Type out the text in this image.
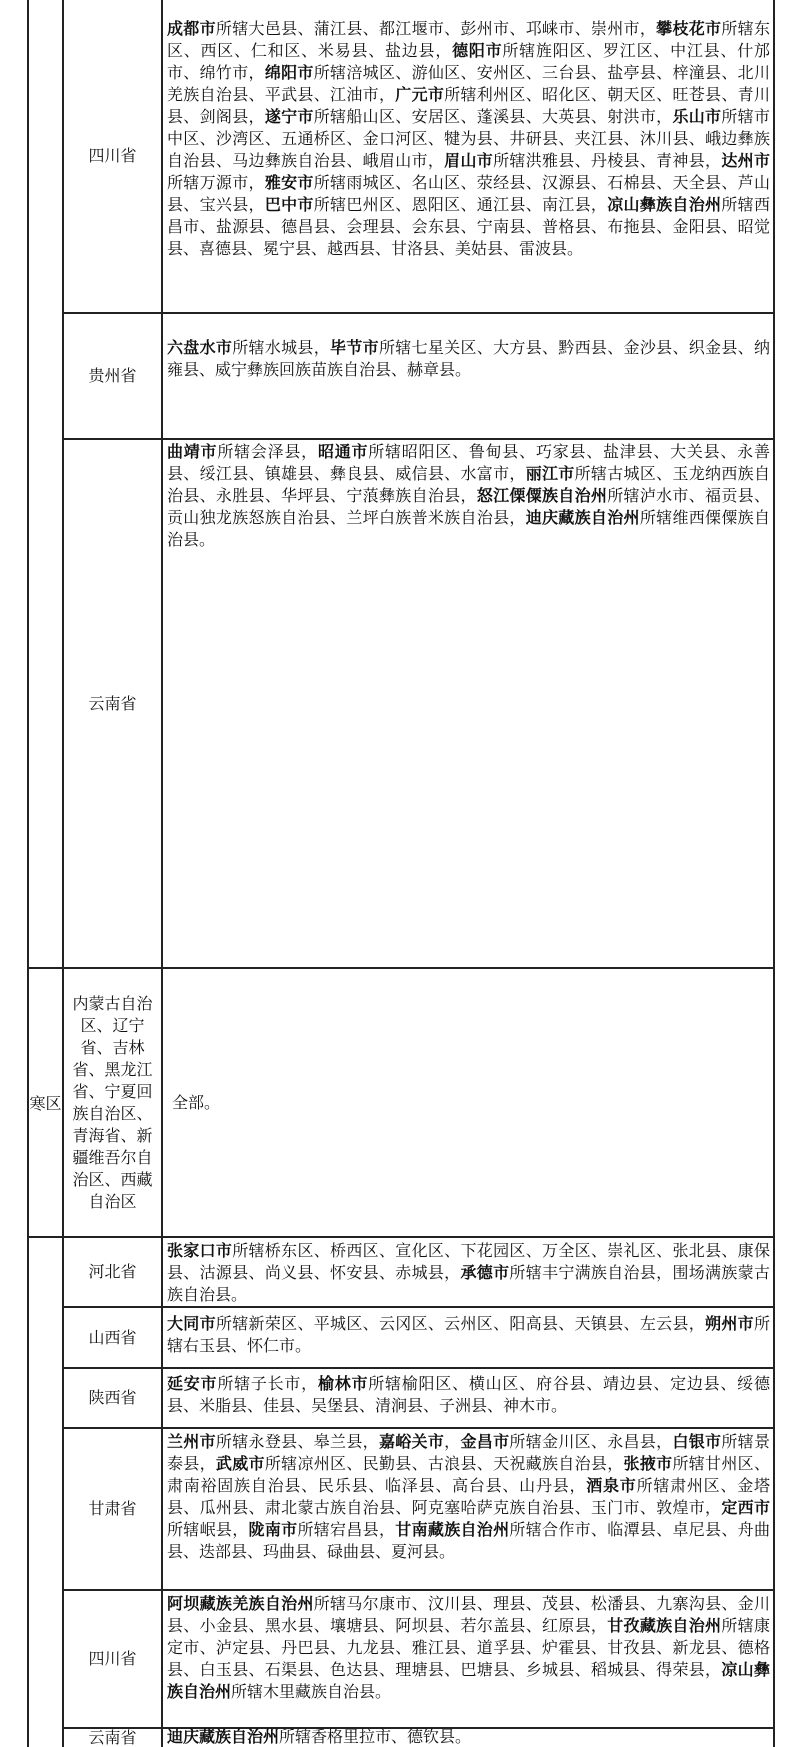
四川省
成都市所辖大邑县、蒲江县、都江堰市、彭州市、邛崃市、崇州市，攀枝花市所辖东区、西区、仁和区、米易县、盐边县，德阳市所辖旌阳区、罗江区、中江县、什邡市、绵竹市，绵阳市所辖涪城区、游仙区、安州区、三台县、盐亭县、梓潼县、北川羌族自治县、平武县、江油市，广元市所辖利州区、昭化区、朝天区、旺苍县、青川县、剑阁县，遂宁市所辖船山区、安居区、蓬溪县、大英县、射洪市，乐山市所辖市中区、沙湾区、五通桥区、金口河区、犍为县、井研县、夹江县、沐川县、峨边彝族自治县、马边彝族自治县、峨眉山市，眉山市所辖洪雅县、丹棱县、青神县，达州市所辖万源市，雅安市所辖雨城区、名山区、荥经县、汉源县、石棉县、天全县、芦山县、宝兴县，巴中市所辖巴州区、恩阳区、通江县、南江县，凉山彝族自治州所辖西昌市、盐源县、德昌县、会理县、会东县、宁南县、普格县、布拖县、金阳县、昭觉县、喜德县、冕宁县、越西县、甘洛县、美姑县、雷波县。
贵州省
六盘水市所辖水城县，毕节市所辖七星关区、大方县、黔西县、金沙县、织金县、纳雍县、威宁彝族回族苗族自治县、赫章县。
云南省
曲靖市所辖会泽县，昭通市所辖昭阳区、鲁甸县、巧家县、盐津县、大关县、永善县、绥江县、镇雄县、彝良县、威信县、水富市，丽江市所辖古城区、玉龙纳西族自治县、永胜县、华坪县、宁蒗彝族自治县，怒江傈僳族自治州所辖泸水市、福贡县、贡山独龙族怒族自治县、兰坪白族普米族自治县，迪庆藏族自治州所辖维西傈僳族自治县。
寒区
内蒙古自治区、辽宁省、吉林省、黑龙江省、宁夏回族自治区、青海省、新疆维吾尔自治区、西藏自治区
全部。
河北省
张家口市所辖桥东区、桥西区、宣化区、下花园区、万全区、崇礼区、张北县、康保县、沽源县、尚义县、怀安县、赤城县，承德市所辖丰宁满族自治县，围场满族蒙古族自治县。
山西省
大同市所辖新荣区、平城区、云冈区、云州区、阳高县、天镇县、左云县，朔州市所辖右玉县、怀仁市。
陕西省
延安市所辖子长市，榆林市所辖榆阳区、横山区、府谷县、靖边县、定边县、绥德县、米脂县、佳县、吴堡县、清涧县、子洲县、神木市。
甘肃省
兰州市所辖永登县、皋兰县，嘉峪关市，金昌市所辖金川区、永昌县，白银市所辖景泰县，武威市所辖凉州区、民勤县、古浪县、天祝藏族自治县，张掖市所辖甘州区、肃南裕固族自治县、民乐县、临泽县、高台县、山丹县，酒泉市所辖肃州区、金塔县、瓜州县、肃北蒙古族自治县、阿克塞哈萨克族自治县、玉门市、敦煌市，定西市所辖岷县，陇南市所辖宕昌县，甘南藏族自治州所辖合作市、临潭县、卓尼县、舟曲县、迭部县、玛曲县、碌曲县、夏河县。
四川省
阿坝藏族羌族自治州所辖马尔康市、汶川县、理县、茂县、松潘县、九寨沟县、金川县、小金县、黑水县、壤塘县、阿坝县、若尔盖县、红原县，甘孜藏族自治州所辖康定市、泸定县、丹巴县、九龙县、雅江县、道孚县、炉霍县、甘孜县、新龙县、德格县、白玉县、石渠县、色达县、理塘县、巴塘县、乡城县、稻城县、得荣县，凉山彝族自治州所辖木里藏族自治县。
云南省 迪庆藏族自治州所辖香格里拉市、德钦县。
